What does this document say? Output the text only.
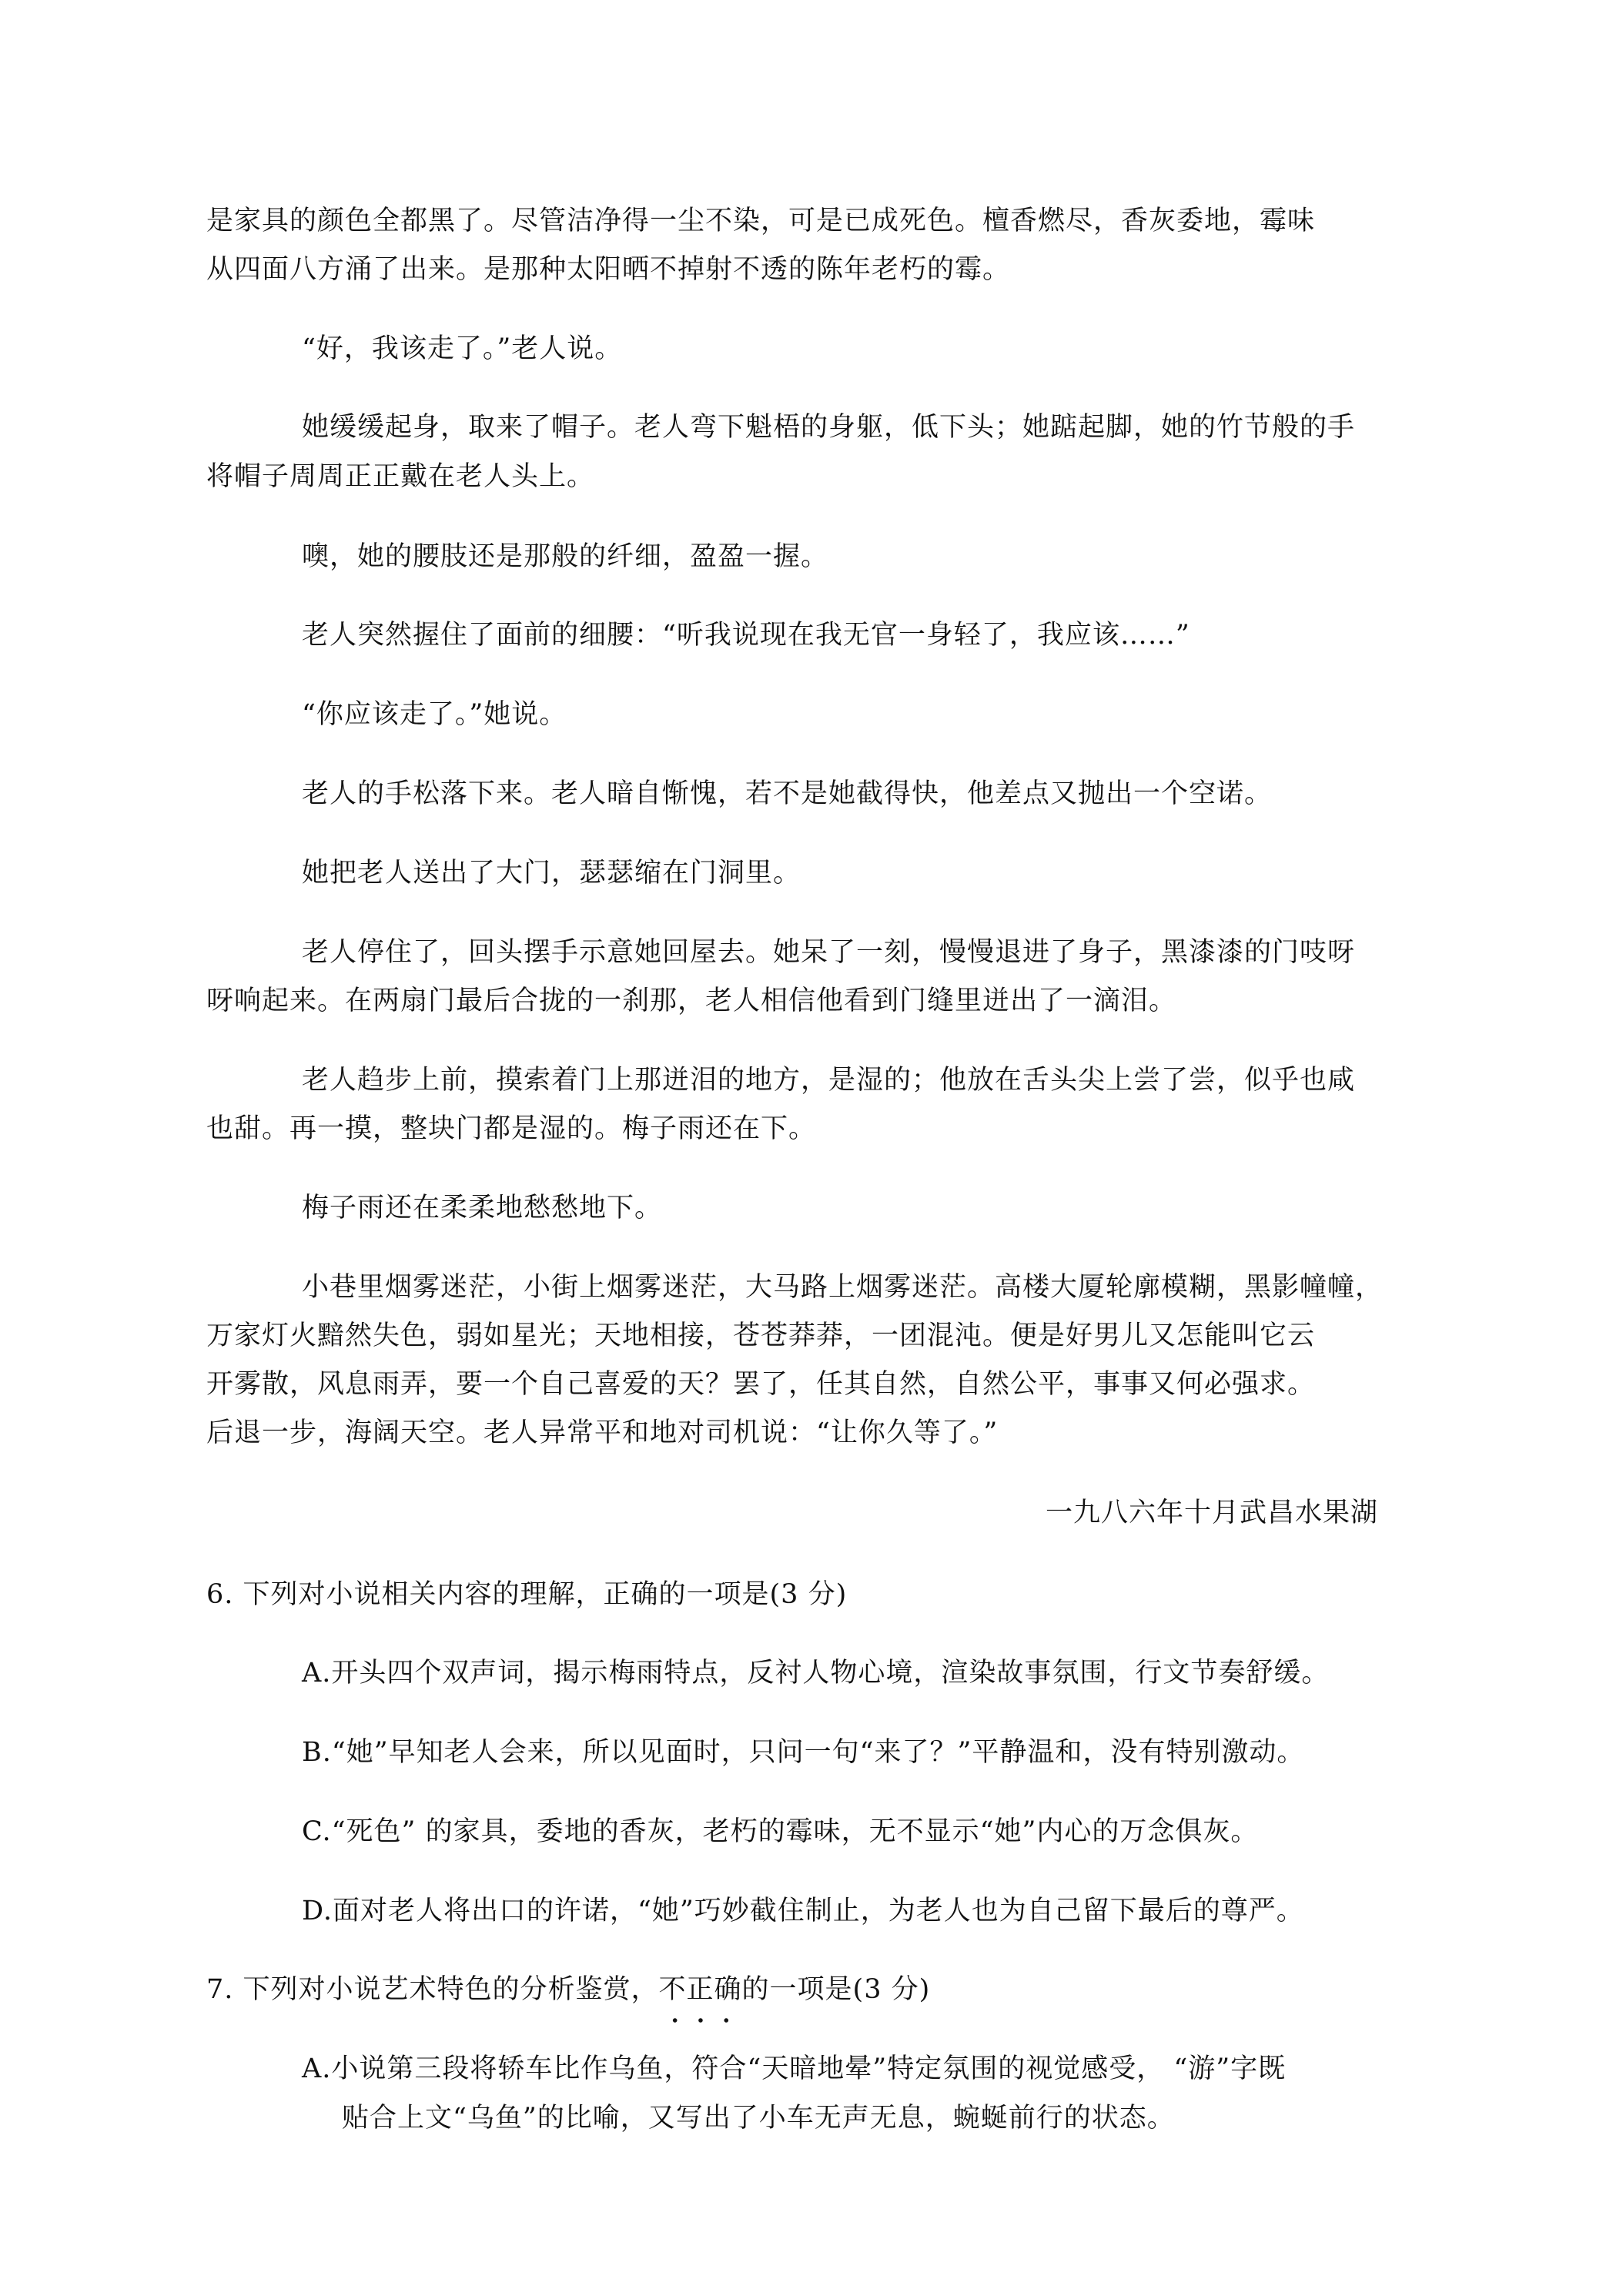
是家具的颜色全都黑了。尽管洁净得一尘不染，可是已成死色。檀香燃尽，香灰委地，霉味
从四面八方涌了出来。是那种太阳晒不掉射不透的陈年老朽的霉。
“好，我该走了。”老人说。
她缓缓起身，取来了帽子。老人弯下魁梧的身躯，低下头；她踮起脚，她的竹节般的手
将帽子周周正正戴在老人头上。
噢，她的腰肢还是那般的纤细，盈盈一握。
老人突然握住了面前的细腰：“听我说现在我无官一身轻了，我应该……”
“你应该走了。”她说。
老人的手松落下来。老人暗自惭愧，若不是她截得快，他差点又抛出一个空诺。
她把老人送出了大门，瑟瑟缩在门洞里。
老人停住了，回头摆手示意她回屋去。她呆了一刻，慢慢退进了身子，黑漆漆的门吱呀
呀响起来。在两扇门最后合拢的一刹那，老人相信他看到门缝里迸出了一滴泪。
老人趋步上前，摸索着门上那迸泪的地方，是湿的；他放在舌头尖上尝了尝，似乎也咸
也甜。再一摸，整块门都是湿的。梅子雨还在下。
梅子雨还在柔柔地愁愁地下。
小巷里烟雾迷茫，小街上烟雾迷茫，大马路上烟雾迷茫。高楼大厦轮廓模糊，黑影幢幢，
万家灯火黯然失色，弱如星光；天地相接，苍苍莽莽，一团混沌。便是好男儿又怎能叫它云
开雾散，风息雨弄，要一个自己喜爱的天？罢了，任其自然，自然公平，事事又何必强求。
后退一步，海阔天空。老人异常平和地对司机说：“让你久等了。”
一九八六年十月武昌水果湖
6. 下列对小说相关内容的理解，正确的一项是(3 分)
A.开头四个双声词，揭示梅雨特点，反衬人物心境，渲染故事氛围，行文节奏舒缓。
B.“她”早知老人会来，所以见面时，只问一句“来了？”平静温和，没有特别激动。
C.“死色” 的家具，委地的香灰，老朽的霉味，无不显示“她”内心的万念俱灰。
D.面对老人将出口的许诺，“她”巧妙截住制止，为老人也为自己留下最后的尊严。
7. 下列对小说艺术特色的分析鉴赏，不正确的一项是(3 分)
A.小说第三段将轿车比作乌鱼，符合“天暗地晕”特定氛围的视觉感受， “游”字既
贴合上文“乌鱼”的比喻，又写出了小车无声无息，蜿蜒前行的状态。
